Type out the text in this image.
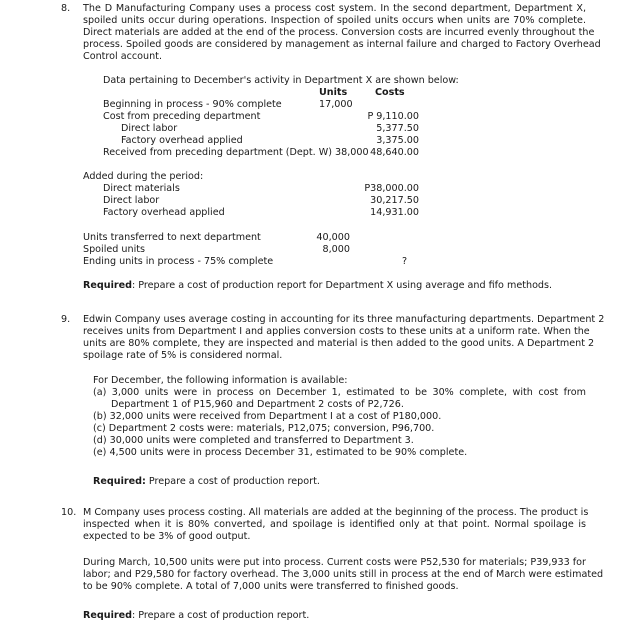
8. The D Manufacturing Company uses a process cost system. In the second department, Department X,
spoiled units occur during operations. Inspection of spoiled units occurs when units are 70% complete.
Direct materials are added at the end of the process. Conversion costs are incurred evenly throughout the
process. Spoiled goods are considered by management as internal failure and charged to Factory Overhead
Control account.
Data pertaining to December's activity in Department X are shown below:
Units	Costs
Beginning in process - 90% complete	17,000
Cost from preceding department	P 9,110.00
Direct labor	5,377.50
Factory overhead applied	3,375.00
Received from preceding department (Dept. W) 38,000 48,640.00
Added during the period:
Direct materials	P38,000.00
Direct labor	30,217.50
Factory overhead applied	14,931.00
Units transferred to next department	40,000
Spoiled units	8,000
Ending units in process - 75% complete	?
Required: Prepare a cost of production report for Department X using average and fifo methods.
9. Edwin Company uses average costing in accounting for its three manufacturing departments. Department 2
receives units from Department I and applies conversion costs to these units at a uniform rate. When the
units are 80% complete, they are inspected and material is then added to the good units. A Department 2
spoilage rate of 5% is considered normal.
For December, the following information is available:
(a) 3,000 units were in process on December 1, estimated to be 30% complete, with cost from
Department 1 of P15,960 and Department 2 costs of P2,726.
(b) 32,000 units were received from Department I at a cost of P180,000.
(c) Department 2 costs were: materials, P12,075; conversion, P96,700.
(d) 30,000 units were completed and transferred to Department 3.
(e) 4,500 units were in process December 31, estimated to be 90% complete.
Required: Prepare a cost of production report.
10. M Company uses process costing. All materials are added at the beginning of the process. The product is
inspected when it is 80% converted, and spoilage is identified only at that point. Normal spoilage is
expected to be 3% of good output.
During March, 10,500 units were put into process. Current costs were P52,530 for materials; P39,933 for
labor; and P29,580 for factory overhead. The 3,000 units still in process at the end of March were estimated
to be 90% complete. A total of 7,000 units were transferred to finished goods.
Required: Prepare a cost of production report.
